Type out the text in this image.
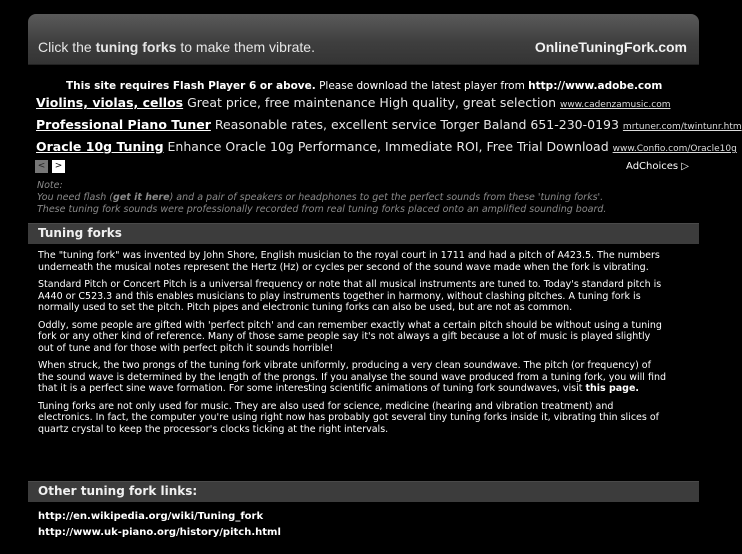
Click the tuning forks to make them vibrate.	OnlineTuningFork.com
This site requires Flash Player 6 or above. Please download the latest player from http://www.adobe.com
Violins, violas, cellos Great price, free maintenance High quality, great selection www.cadenzamusic.com
Professional Piano Tuner Reasonable rates, excellent service Torger Baland 651-230-0193 mrtuner.com/twintunr.htm
Oracle 10g Tuning Enhance Oracle 10g Performance, Immediate ROI, Free Trial Download www.Confio.com/Oracle10g
<	>	AdChoices ▷
Note:
You need flash (get it here) and a pair of speakers or headphones to get the perfect sounds from these 'tuning forks'.
These tuning fork sounds were professionally recorded from real tuning forks placed onto an amplified sounding board.
Tuning forks

The "tuning fork" was invented by John Shore, English musician to the royal court in 1711 and had a pitch of A423.5. The numbers underneath the musical notes represent the Hertz (Hz) or cycles per second of the sound wave made when the fork is vibrating.

Standard Pitch or Concert Pitch is a universal frequency or note that all musical instruments are tuned to. Today's standard pitch is A440 or C523.3 and this enables musicians to play instruments together in harmony, without clashing pitches. A tuning fork is normally used to set the pitch. Pitch pipes and electronic tuning forks can also be used, but are not as common.

Oddly, some people are gifted with 'perfect pitch' and can remember exactly what a certain pitch should be without using a tuning fork or any other kind of reference. Many of those same people say it's not always a gift because a lot of music is played slightly out of tune and for those with perfect pitch it sounds horrible!

When struck, the two prongs of the tuning fork vibrate uniformly, producing a very clean soundwave. The pitch (or frequency) of the sound wave is determined by the length of the prongs. If you analyse the sound wave produced from a tuning fork, you will find that it is a perfect sine wave formation. For some interesting scientific animations of tuning fork soundwaves, visit this page.

Tuning forks are not only used for music. They are also used for science, medicine (hearing and vibration treatment) and electronics. In fact, the computer you're using right now has probably got several tiny tuning forks inside it, vibrating thin slices of quartz crystal to keep the processor's clocks ticking at the right intervals.

Other tuning fork links:
http://en.wikipedia.org/wiki/Tuning_fork
http://www.uk-piano.org/history/pitch.html
